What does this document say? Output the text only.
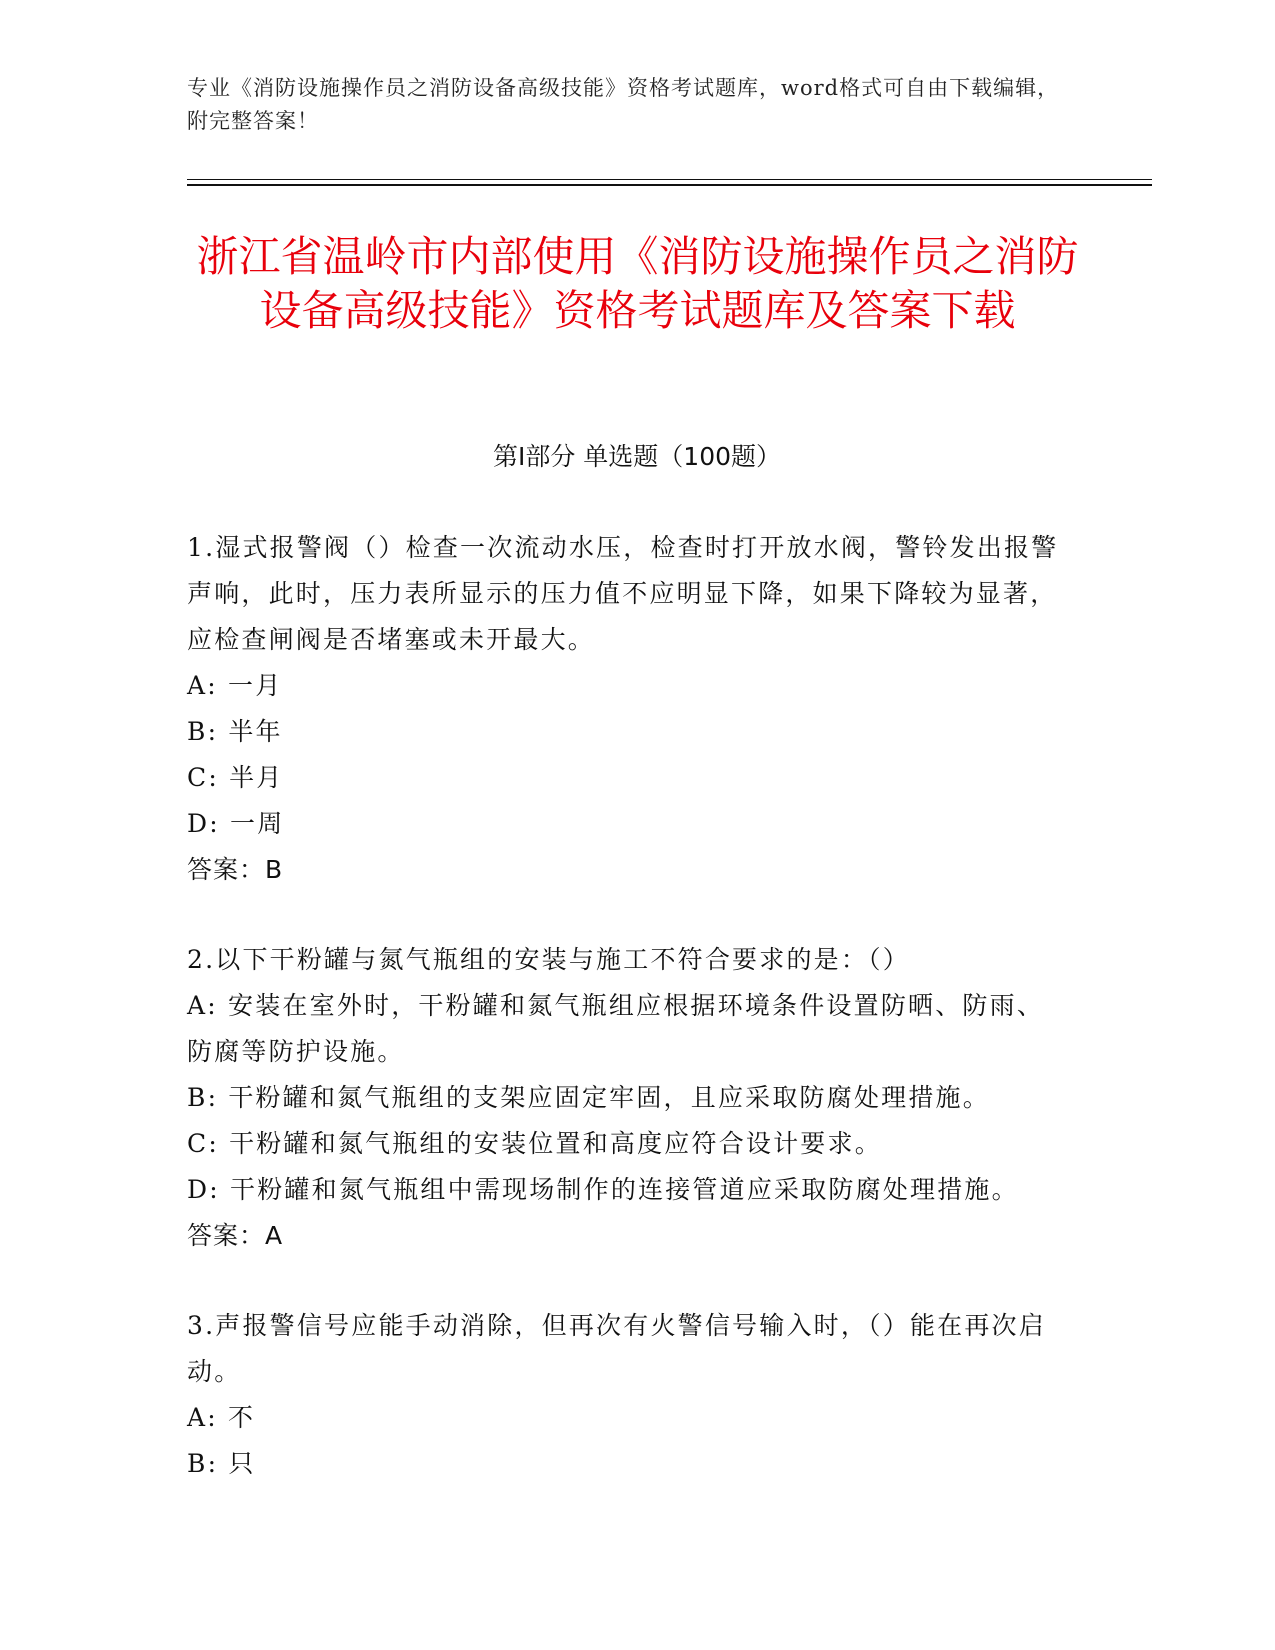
专业《消防设施操作员之消防设备高级技能》资格考试题库，word格式可自由下载编辑，附完整答案！
浙江省温岭市内部使用《消防设施操作员之消防设备高级技能》资格考试题库及答案下载
第I部分 单选题（100题）
1.湿式报警阀（）检查一次流动水压，检查时打开放水阀，警铃发出报警声响，此时，压力表所显示的压力值不应明显下降，如果下降较为显著，应检查闸阀是否堵塞或未开最大。
A: 一月
B: 半年
C: 半月
D: 一周
答案：B
2.以下干粉罐与氮气瓶组的安装与施工不符合要求的是：（）
A: 安装在室外时，干粉罐和氮气瓶组应根据环境条件设置防晒、防雨、防腐等防护设施。
B: 干粉罐和氮气瓶组的支架应固定牢固，且应采取防腐处理措施。
C: 干粉罐和氮气瓶组的安装位置和高度应符合设计要求。
D: 干粉罐和氮气瓶组中需现场制作的连接管道应采取防腐处理措施。
答案：A
3.声报警信号应能手动消除，但再次有火警信号输入时，（）能在再次启动。
A: 不
B: 只
